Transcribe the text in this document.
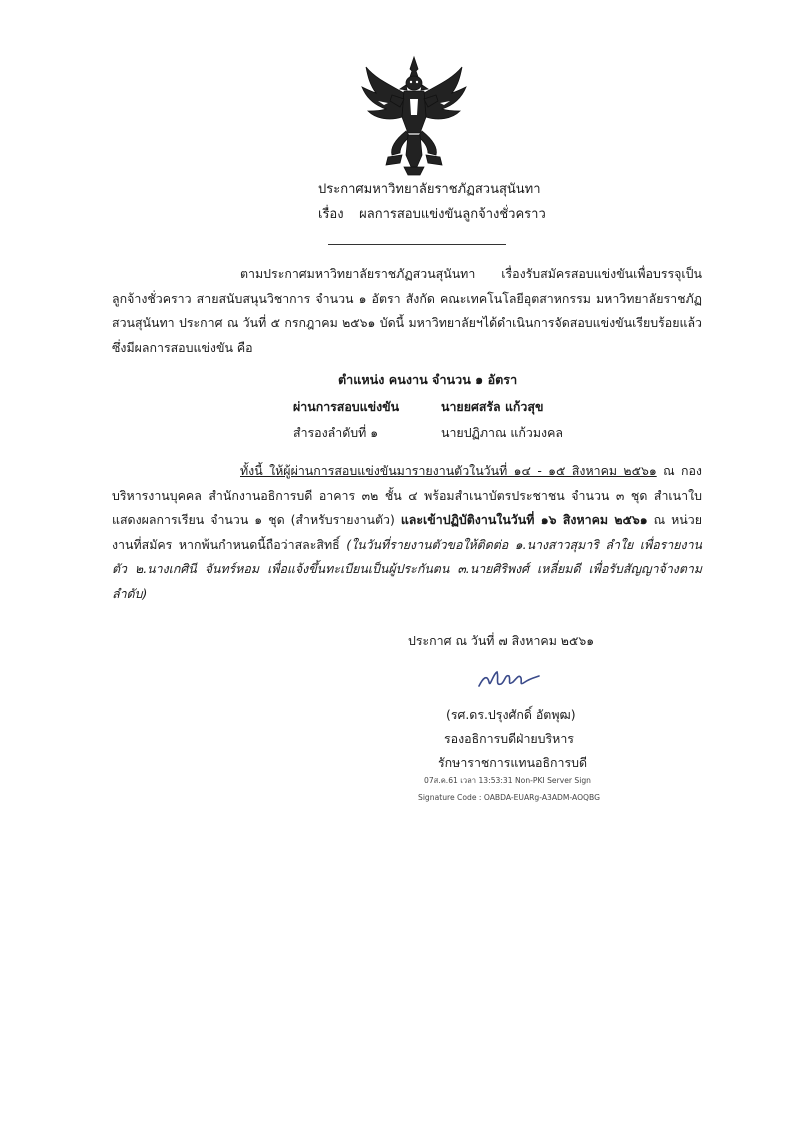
ประกาศมหาวิทยาลัยราชภัฏสวนสุนันทา
เรื่อง ผลการสอบแข่งขันลูกจ้างชั่วคราว
ตามประกาศมหาวิทยาลัยราชภัฏสวนสุนันทา เรื่องรับสมัครสอบแข่งขันเพื่อบรรจุเป็นลูกจ้างชั่วคราว สายสนับสนุนวิชาการ จำนวน ๑ อัตรา สังกัด คณะเทคโนโลยีอุตสาหกรรม มหาวิทยาลัยราชภัฏสวนสุนันทา ประกาศ ณ วันที่ ๕ กรกฎาคม ๒๕๖๑ บัดนี้ มหาวิทยาลัยฯได้ดำเนินการจัดสอบแข่งขันเรียบร้อยแล้ว ซึ่งมีผลการสอบแข่งขัน คือ
ตำแหน่ง คนงาน จำนวน ๑ อัตรา
ผ่านการสอบแข่งขัน	นายยศสรัล แก้วสุข
สำรองลำดับที่ ๑	นายปฏิภาณ แก้วมงคล
ทั้งนี้ ให้ผู้ผ่านการสอบแข่งขันมารายงานตัวในวันที่ ๑๔ - ๑๕ สิงหาคม ๒๕๖๑ ณ กองบริหารงานบุคคล สำนักงานอธิการบดี อาคาร ๓๒ ชั้น ๔ พร้อมสำเนาบัตรประชาชน จำนวน ๓ ชุด สำเนาใบแสดงผลการเรียน จำนวน ๑ ชุด (สำหรับรายงานตัว) และเข้าปฏิบัติงานในวันที่ ๑๖ สิงหาคม ๒๕๖๑ ณ หน่วยงานที่สมัคร หากพ้นกำหนดนี้ถือว่าสละสิทธิ์ (ในวันที่รายงานตัวขอให้ติดต่อ ๑.นางสาวสุมาริ ลำใย เพื่อรายงานตัว ๒.นางเกศินี จันทร์หอม เพื่อแจ้งขึ้นทะเบียนเป็นผู้ประกันตน ๓.นายศิริพงศ์ เหลี่ยมดี เพื่อรับสัญญาจ้างตามลำดับ)
ประกาศ ณ วันที่ ๗ สิงหาคม ๒๕๖๑
(รศ.ดร.ปรุงศักดิ์ อัตพุฒ)
รองอธิการบดีฝ่ายบริหาร
รักษาราชการแทนอธิการบดี
07ส.ค.61 เวลา 13:53:31 Non-PKI Server Sign
Signature Code : OABDA-EUARg-A3ADM-AOQBG
